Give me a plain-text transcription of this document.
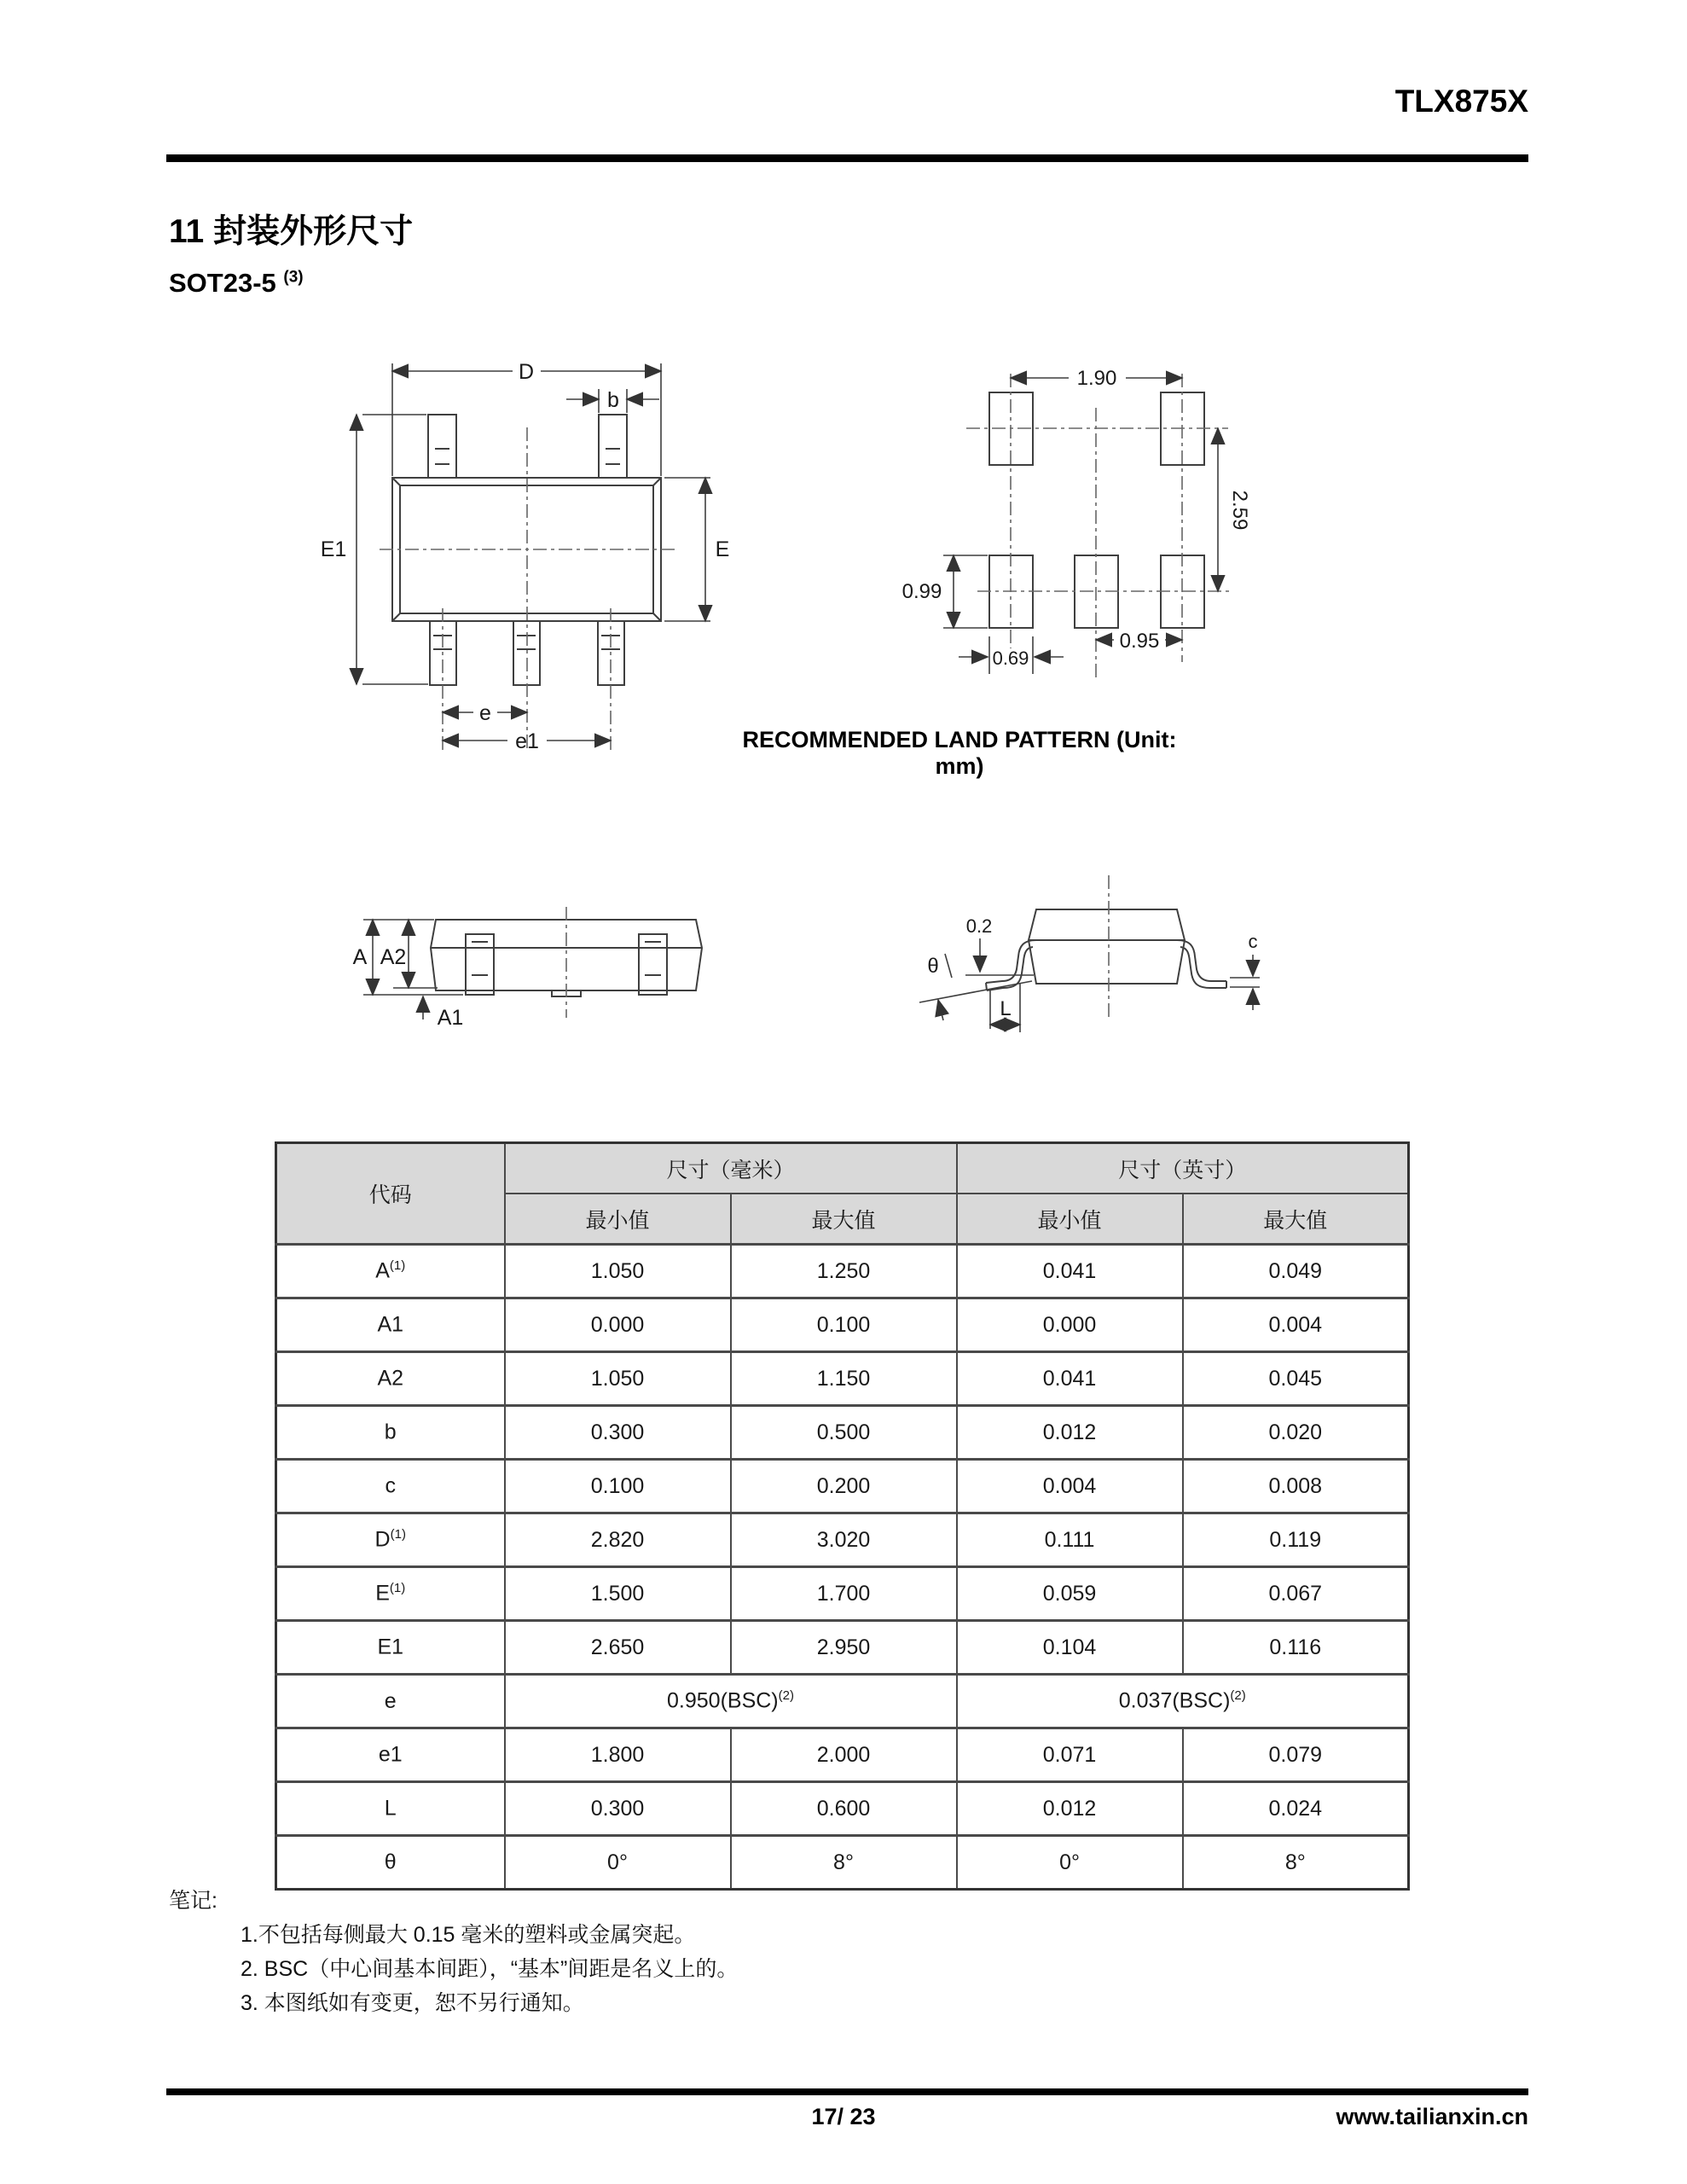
TLX875X
11 封装外形尺寸
SOT23-5 $^{(3)}$
D
b
E1	E
e
e1
1.90
2.59
0.99
0.69
0.95
RECOMMENDED LAND PATTERN (Unit: mm)
A A2
A1
0.2
θ
L
c
代码	尺寸（毫米）		尺寸（英寸）	
	最小值	最大值	最小值	最大值
$A^{(1)}$	1.050	1.250	0.041	0.049
A1	0.000	0.100	0.000	0.004
A2	1.050	1.150	0.041	0.045
b	0.300	0.500	0.012	0.020
c	0.100	0.200	0.004	0.008
$D^{(1)}$	2.820	3.020	0.111	0.119
$E^{(1)}$	1.500	1.700	0.059	0.067
E1	2.650	2.950	0.104	0.116
e	0.950(BSC)$^{(2)}$		0.037(BSC)$^{(2)}$
e1	1.800	2.000	0.071	0.079
L	0.300	0.600	0.012	0.024
θ	0°	8°	0°	8°
笔记:
1.不包括每侧最大 0.15 毫米的塑料或金属突起。
2. BSC（中心间基本间距），“基本”间距是名义上的。
3. 本图纸如有变更，恕不另行通知。
17/ 23	www.tailianxin.cn
